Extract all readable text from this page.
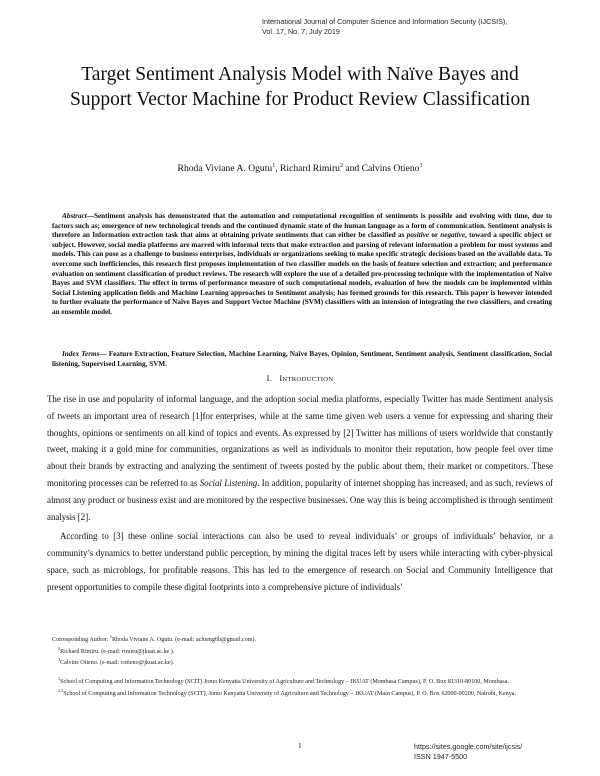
International Journal of Computer Science and Information Security (IJCSIS),
Vol. 17, No. 7, July 2019
Target Sentiment Analysis Model with Naïve Bayes and Support Vector Machine for Product Review Classification
Rhoda Viviane A. Ogutu$^1$, Richard Rimiru$^2$ and Calvins Otieno$^3$
Abstract—Sentiment analysis has demonstrated that the automation and computational recognition of sentiments is possible and evolving with time, due to factors such as; emergence of new technological trends and the continued dynamic state of the human language as a form of communication. Sentiment analysis is therefore an Information extraction task that aims at obtaining private sentiments that can either be classified as positive or negative, toward a specific object or subject. However, social media platforms are marred with informal texts that make extraction and parsing of relevant information a problem for most systems and models. This can pose as a challenge to business enterprises, individuals or organizations seeking to make specific strategic decisions based on the available data. To overcome such inefficiencies, this research first proposes implementation of two classifier models on the basis of feature selection and extraction; and performance evaluation on sentiment classification of product reviews. The research will explore the use of a detailed pre-processing technique with the implementation of Naïve Bayes and SVM classifiers. The effect in terms of performance measure of such computational models, evaluation of how the models can be implemented within Social Listening application fields and Machine Learning approaches to Sentiment analysis; has formed grounds for this research. This paper is however intended to further evaluate the performance of Naïve Bayes and Support Vector Machine (SVM) classifiers with an intension of integrating the two classifiers, and creating an ensemble model.
Index Terms— Feature Extraction, Feature Selection, Machine Learning, Naïve Bayes, Opinion, Sentiment, Sentiment analysis, Sentiment classification, Social listening, Supervised Learning, SVM.
I. INTRODUCTION

The rise in use and popularity of informal language, and the adoption social media platforms, especially Twitter has made Sentiment analysis of tweets an important area of research [1]for enterprises, while at the same time given web users a venue for expressing and sharing their thoughts, opinions or sentiments on all kind of topics and events. As expressed by [2] Twitter has millions of users worldwide that constantly tweet, making it a gold mine for communities, organizations as well as individuals to monitor their reputation, how people feel over time about their brands by extracting and analyzing the sentiment of tweets posted by the public about them, their market or competitors. These monitoring processes can be referred to as Social Listening. In addition, popularity of internet shopping has increased, and as such, reviews of almost any product or business exist and are monitored by the respective businesses. One way this is being accomplished is through sentiment analysis [2].

According to [3] these online social interactions can also be used to reveal individuals’ or groups of individuals’ behavior, or a community’s dynamics to better understand public perception, by mining the digital traces left by users while interacting with cyber-physical space, such as microblogs, for profitable reasons. This has led to the emergence of research on Social and Community Intelligence that present opportunities to compile these digital footprints into a comprehensive picture of individuals’

Corresponding Author: $^1$Rhoda Viviane A. Ogutu. (e-mail: achieng6h@gmail.com).
$^2$Richard Rimiru. (e-mail: rimiru@jkuat.ac.ke ).
$^3$Calvins Otieno. (e-mail: cotieno@jkuat.ac.ke).
$^1$School of Computing and Information Technology (SCIT) Jomo Kenyatta University of Agriculture and Technology – JKUAT (Mombasa Campus), P. O. Box 81310-80100, Mombasa.
$^{2,3}$School of Computing and Information Technology (SCIT), Jomo Kenyatta University of Agriculture and Technology – JKUAT (Main Campus), P. O. Box 62000-00200, Nairobi, Kenya.
1	https://sites.google.com/site/ijcsis/
ISSN 1947-5500
